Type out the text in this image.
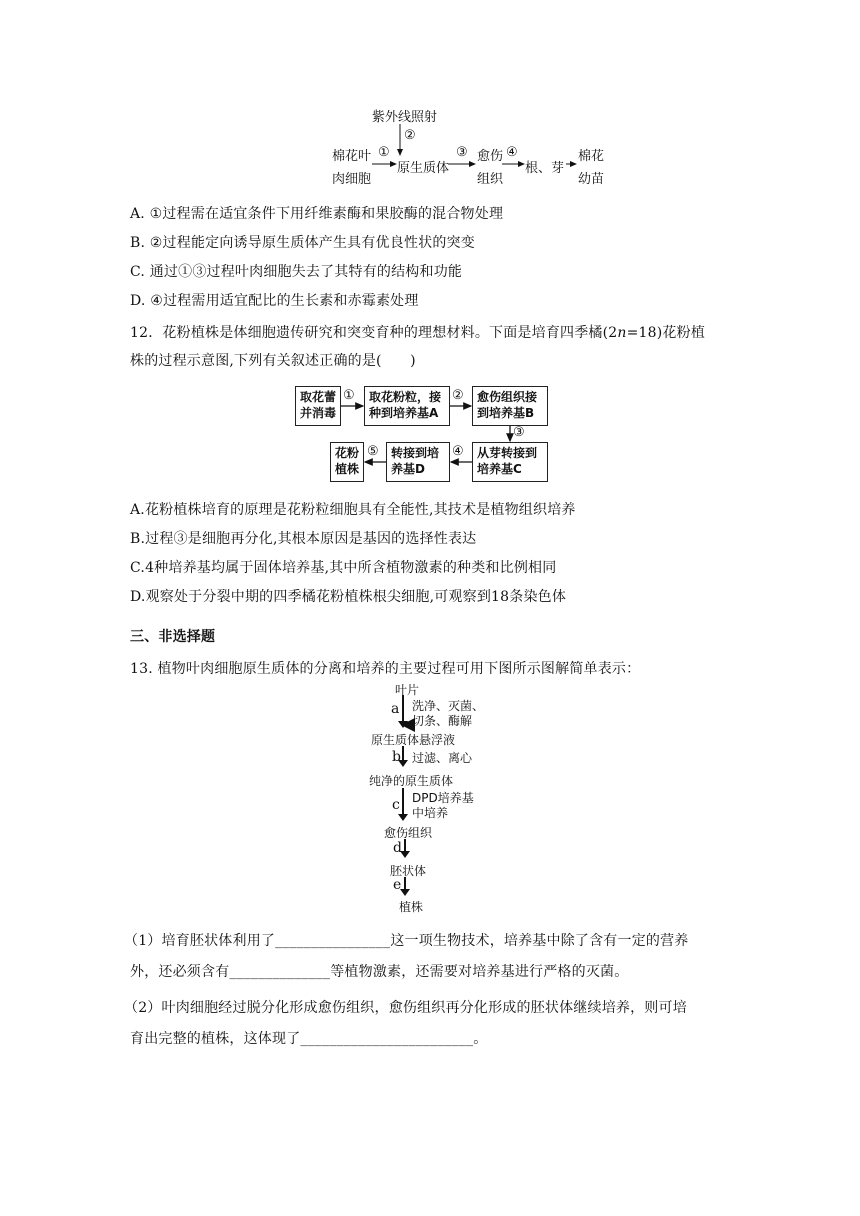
紫外线照射
②
棉花叶
肉细胞
①
原生质体
③ 愈伤
组织
④
根、芽
棉花
幼苗
A. ①过程需在适宜条件下用纤维素酶和果胶酶的混合物处理
B. ②过程能定向诱导原生质体产生具有优良性状的突变
C. 通过①③过程叶肉细胞失去了其特有的结构和功能
D. ④过程需用适宜配比的生长素和赤霉素处理
12．花粉植株是体细胞遗传研究和突变育种的理想材料。下面是培育四季橘(2n=18)花粉植
株的过程示意图,下列有关叙述正确的是(　　)
取花蕾
并消毒
取花粉粒，接
种到培养基A
愈伤组织接
到培养基B
从芽转接到
培养基C
转接到培
养基D
花粉
植株
①	②
③
④
⑤
A.花粉植株培育的原理是花粉粒细胞具有全能性,其技术是植物组织培养
B.过程③是细胞再分化,其根本原因是基因的选择性表达
C.4种培养基均属于固体培养基,其中所含植物激素的种类和比例相同
D.观察处于分裂中期的四季橘花粉植株根尖细胞,可观察到18条染色体
三、非选择题
13. 植物叶肉细胞原生质体的分离和培养的主要过程可用下图所示图解简单表示：
叶片
a 洗净、灭菌、
切条、酶解
原生质体悬浮液
b 过滤、离心
纯净的原生质体
c DPD培养基
中培养
愈伤组织
d
胚状体
e
植株
（1）培育胚状体利用了________________这一项生物技术，培养基中除了含有一定的营养
外，还必须含有______________等植物激素，还需要对培养基进行严格的灭菌。
（2）叶肉细胞经过脱分化形成愈伤组织，愈伤组织再分化形成的胚状体继续培养，则可培
育出完整的植株，这体现了________________________。
